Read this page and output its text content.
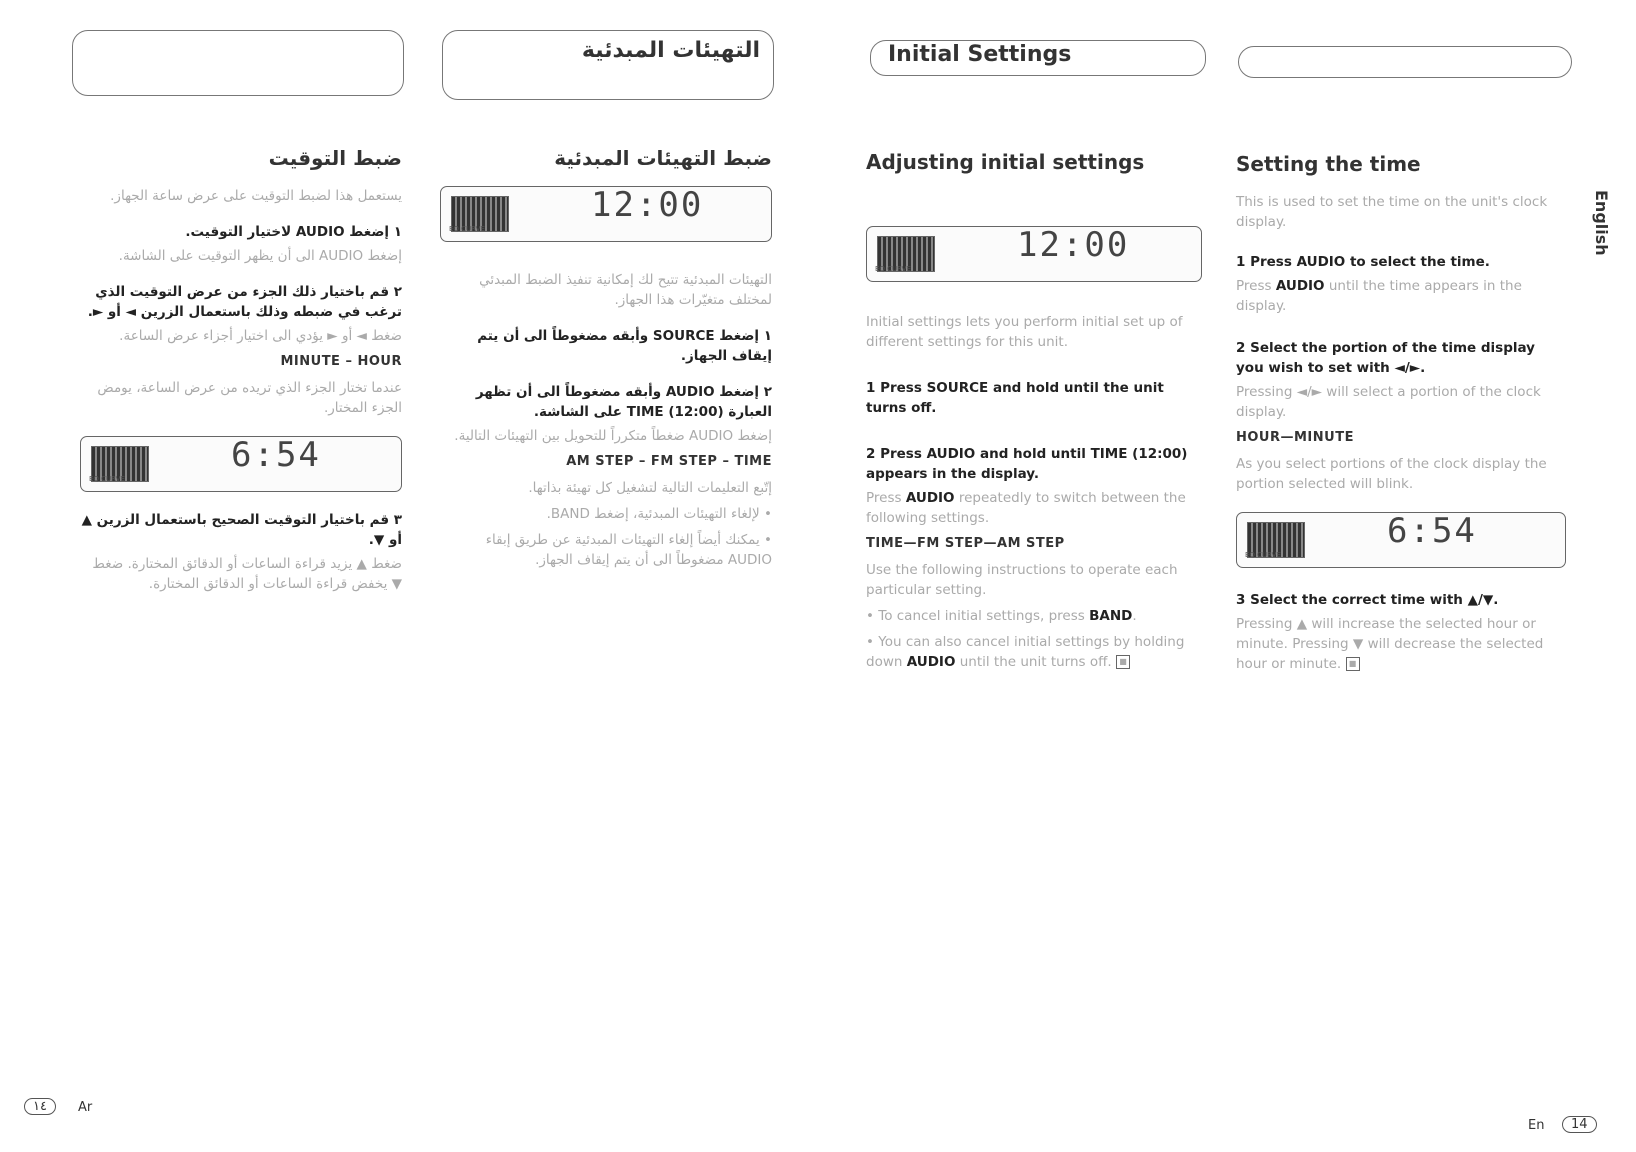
التهيئات المبدئية	Initial Settings
ضبط التوقيت
يستعمل هذا لضبط التوقيت على عرض ساعة الجهاز.
١ إضغط AUDIO لاختيار التوقيت.
إضغط AUDIO الى أن يظهر التوقيت على الشاشة.
٢ قم باختيار ذلك الجزء من عرض التوقيت الذي ترغب في ضبطه وذلك باستعمال الزرين ◄ أو ►.
ضغط ◄ أو ► يؤدي الى اختيار أجزاء عرض الساعة.
MINUTE – HOUR
عندما تختار الجزء الذي تريده من عرض الساعة، يومض الجزء المختار.
EQ CURVE
6:54
٣ قم باختيار التوقيت الصحيح باستعمال الزرين ▲ أو ▼.
ضغط ▲ يزيد قراءة الساعات أو الدقائق المختارة. ضغط ▼ يخفض قراءة الساعات أو الدقائق المختارة.
ضبط التهيئات المبدئية
EQ CURVE
12:00
التهيئات المبدئية تتيح لك إمكانية تنفيذ الضبط المبدئي لمختلف متغيّرات هذا الجهاز.
١ إضغط SOURCE وأبقه مضغوطاً الى أن يتم إيقاف الجهاز.
٢ إضغط AUDIO وأبقه مضغوطاً الى أن تظهر العبارة (12:00) TIME على الشاشة.
إضغط AUDIO ضغطاً متكرراً للتحويل بين التهيئات التالية.
AM STEP – FM STEP – TIME
إتّبع التعليمات التالية لتشغيل كل تهيئة بذاتها.
• لإلغاء التهيئات المبدئية، إضغط BAND.
• يمكنك أيضاً إلغاء التهيئات المبدئية عن طريق إبقاء AUDIO مضغوطاً الى أن يتم إيقاف الجهاز.
Adjusting initial settings
EQ CURVE
12:00
Initial settings lets you perform initial set up of different settings for this unit.
1 Press SOURCE and hold until the unit turns off.
2 Press AUDIO and hold until TIME (12:00) appears in the display.
Press AUDIO repeatedly to switch between the following settings.
TIME—FM STEP—AM STEP
Use the following instructions to operate each particular setting.
• To cancel initial settings, press BAND.
• You can also cancel initial settings by holding down AUDIO until the unit turns off. ■
Setting the time
This is used to set the time on the unit's clock display.
1 Press AUDIO to select the time.
Press AUDIO until the time appears in the display.
2 Select the portion of the time display you wish to set with ◄/►.
Pressing ◄/► will select a portion of the clock display.
HOUR—MINUTE
As you select portions of the clock display the portion selected will blink.
EQ CURVE
6:54
3 Select the correct time with ▲/▼.
Pressing ▲ will increase the selected hour or minute. Pressing ▼ will decrease the selected hour or minute. ■
English
١٤	Ar
En	14
